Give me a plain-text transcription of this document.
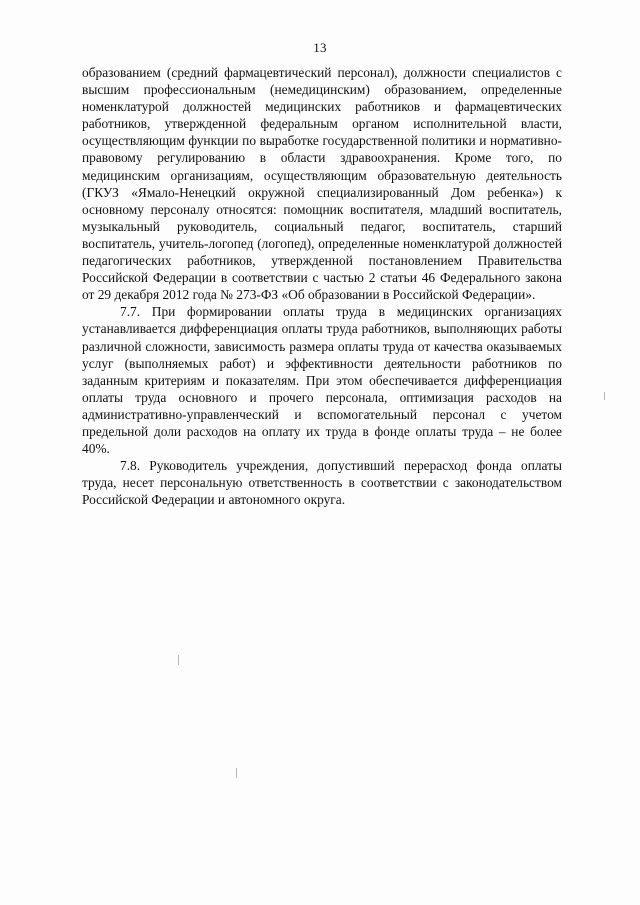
13

образованием (средний фармацевтический персонал), должности специалистов с высшим профессиональным (немедицинским) образованием, определенные номенклатурой должностей медицинских работников и фармацевтических работников, утвержденной федеральным органом исполнительной власти, осуществляющим функции по выработке государственной политики и нормативно-правовому регулированию в области здравоохранения. Кроме того, по медицинским организациям, осуществляющим образовательную деятельность (ГКУЗ «Ямало-Ненецкий окружной специализированный Дом ребенка») к основному персоналу относятся: помощник воспитателя, младший воспитатель, музыкальный руководитель, социальный педагог, воспитатель, старший воспитатель, учитель-логопед (логопед), определенные номенклатурой должностей педагогических работников, утвержденной постановлением Правительства Российской Федерации в соответствии с частью 2 статьи 46 Федерального закона от 29 декабря 2012 года № 273-ФЗ «Об образовании в Российской Федерации».

7.7. При формировании оплаты труда в медицинских организациях устанавливается дифференциация оплаты труда работников, выполняющих работы различной сложности, зависимость размера оплаты труда от качества оказываемых услуг (выполняемых работ) и эффективности деятельности работников по заданным критериям и показателям. При этом обеспечивается дифференциация оплаты труда основного и прочего персонала, оптимизация расходов на административно-управленческий и вспомогательный персонал с учетом предельной доли расходов на оплату их труда в фонде оплаты труда – не более 40%.

7.8. Руководитель учреждения, допустивший перерасход фонда оплаты труда, несет персональную ответственность в соответствии с законодательством Российской Федерации и автономного округа.
